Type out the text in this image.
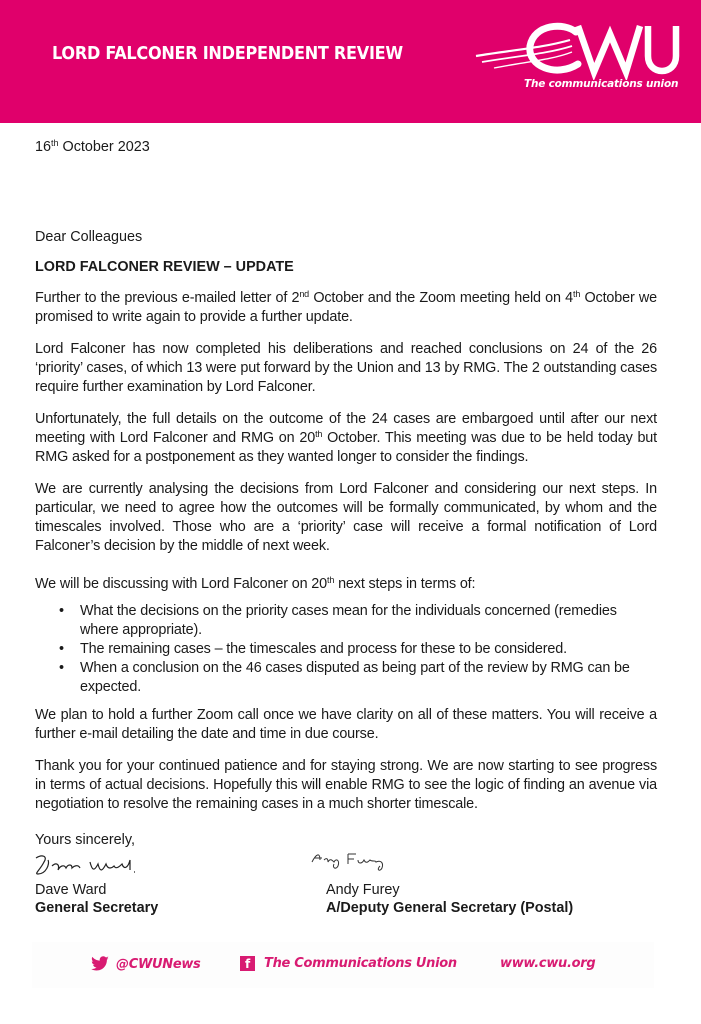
LORD FALCONER INDEPENDENT REVIEW
The communications union
16th October 2023
Dear Colleagues
LORD FALCONER REVIEW – UPDATE
Further to the previous e-mailed letter of 2nd October and the Zoom meeting held on 4th October we promised to write again to provide a further update.
Lord Falconer has now completed his deliberations and reached conclusions on 24 of the 26 ‘priority’ cases, of which 13 were put forward by the Union and 13 by RMG. The 2 outstanding cases require further examination by Lord Falconer.
Unfortunately, the full details on the outcome of the 24 cases are embargoed until after our next meeting with Lord Falconer and RMG on 20th October. This meeting was due to be held today but RMG asked for a postponement as they wanted longer to consider the findings.
We are currently analysing the decisions from Lord Falconer and considering our next steps. In particular, we need to agree how the outcomes will be formally communicated, by whom and the timescales involved. Those who are a ‘priority’ case will receive a formal notification of Lord Falconer’s decision by the middle of next week.
We will be discussing with Lord Falconer on 20th next steps in terms of:
• What the decisions on the priority cases mean for the individuals concerned (remedies where appropriate).
• The remaining cases – the timescales and process for these to be considered.
• When a conclusion on the 46 cases disputed as being part of the review by RMG can be expected.
We plan to hold a further Zoom call once we have clarity on all of these matters. You will receive a further e-mail detailing the date and time in due course.
Thank you for your continued patience and for staying strong. We are now starting to see progress in terms of actual decisions. Hopefully this will enable RMG to see the logic of finding an avenue via negotiation to resolve the remaining cases in a much shorter timescale.
Yours sincerely,
Dave Ward
General Secretary
Andy Furey
A/Deputy General Secretary (Postal)
@CWUNews	f	The Communications Union	www.cwu.org
